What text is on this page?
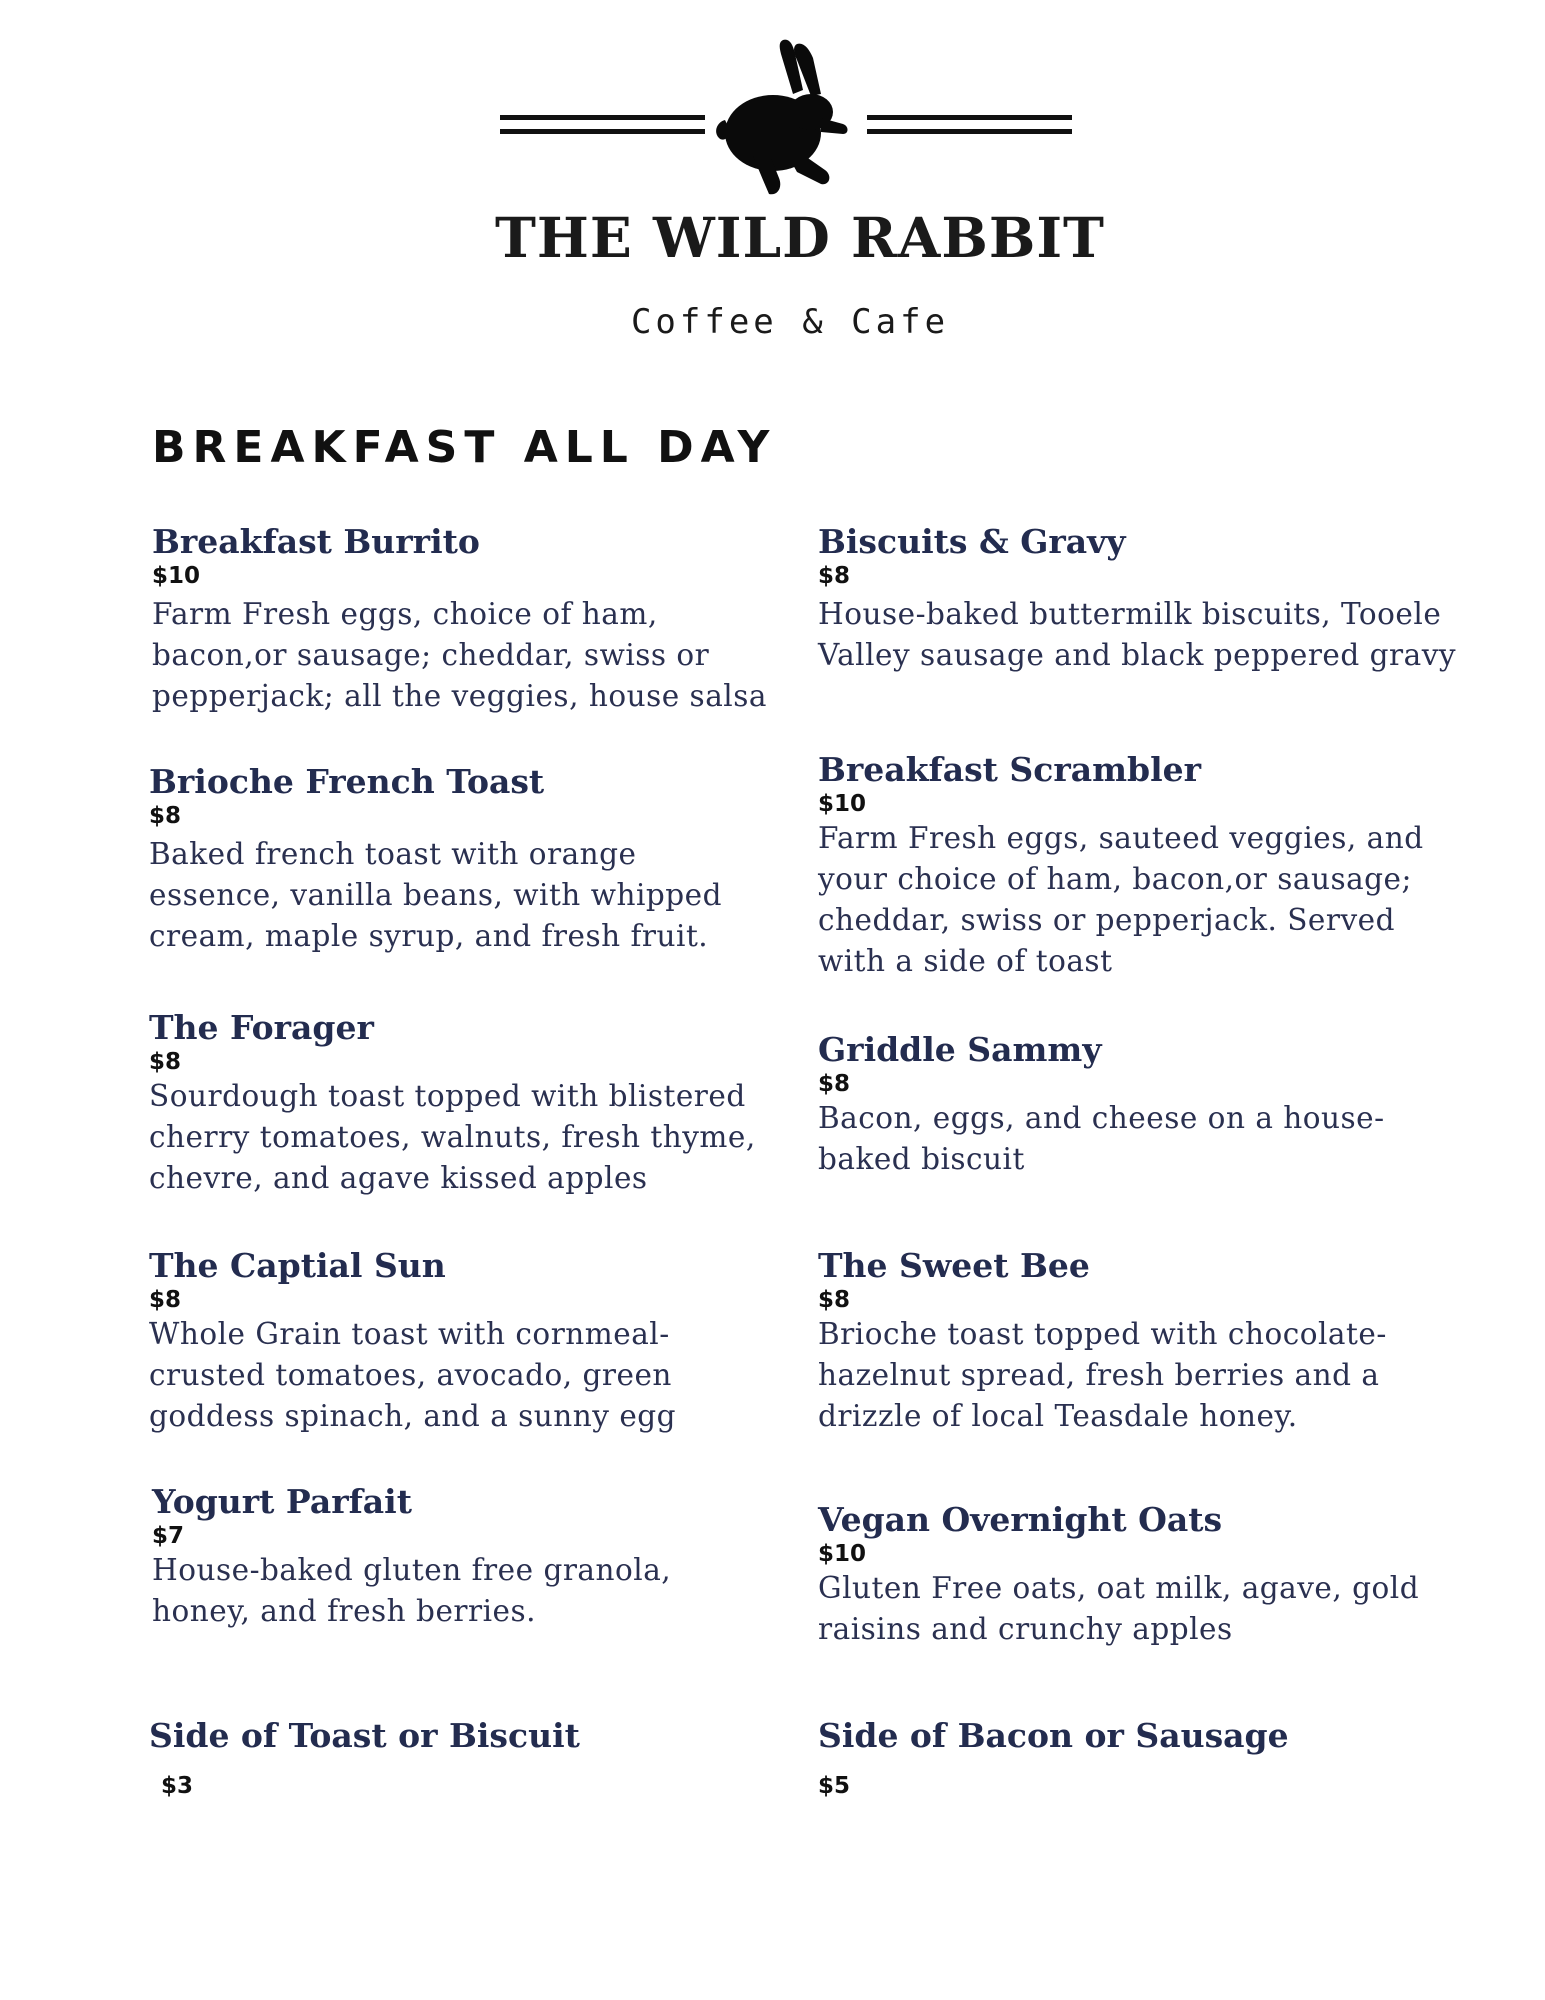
THE WILD RABBIT
Coffee & Cafe
BREAKFAST ALL DAY
Breakfast Burrito
$10
Farm Fresh eggs, choice of ham,
bacon,or sausage; cheddar, swiss or
pepperjack; all the veggies, house salsa
Brioche French Toast
$8
Baked french toast with orange
essence, vanilla beans, with whipped
cream, maple syrup, and fresh fruit.
The Forager
$8
Sourdough toast topped with blistered
cherry tomatoes, walnuts, fresh thyme,
chevre, and agave kissed apples
The Captial Sun
$8
Whole Grain toast with cornmeal-
crusted tomatoes, avocado, green
goddess spinach, and a sunny egg
Yogurt Parfait
$7
House-baked gluten free granola,
honey, and fresh berries.
Side of Toast or Biscuit
$3
Biscuits & Gravy
$8
House-baked buttermilk biscuits, Tooele
Valley sausage and black peppered gravy
Breakfast Scrambler
$10
Farm Fresh eggs, sauteed veggies, and
your choice of ham, bacon,or sausage;
cheddar, swiss or pepperjack. Served
with a side of toast
Griddle Sammy
$8
Bacon, eggs, and cheese on a house-
baked biscuit
The Sweet Bee
$8
Brioche toast topped with chocolate-
hazelnut spread, fresh berries and a
drizzle of local Teasdale honey.
Vegan Overnight Oats
$10
Gluten Free oats, oat milk, agave, gold
raisins and crunchy apples
Side of Bacon or Sausage
$5
